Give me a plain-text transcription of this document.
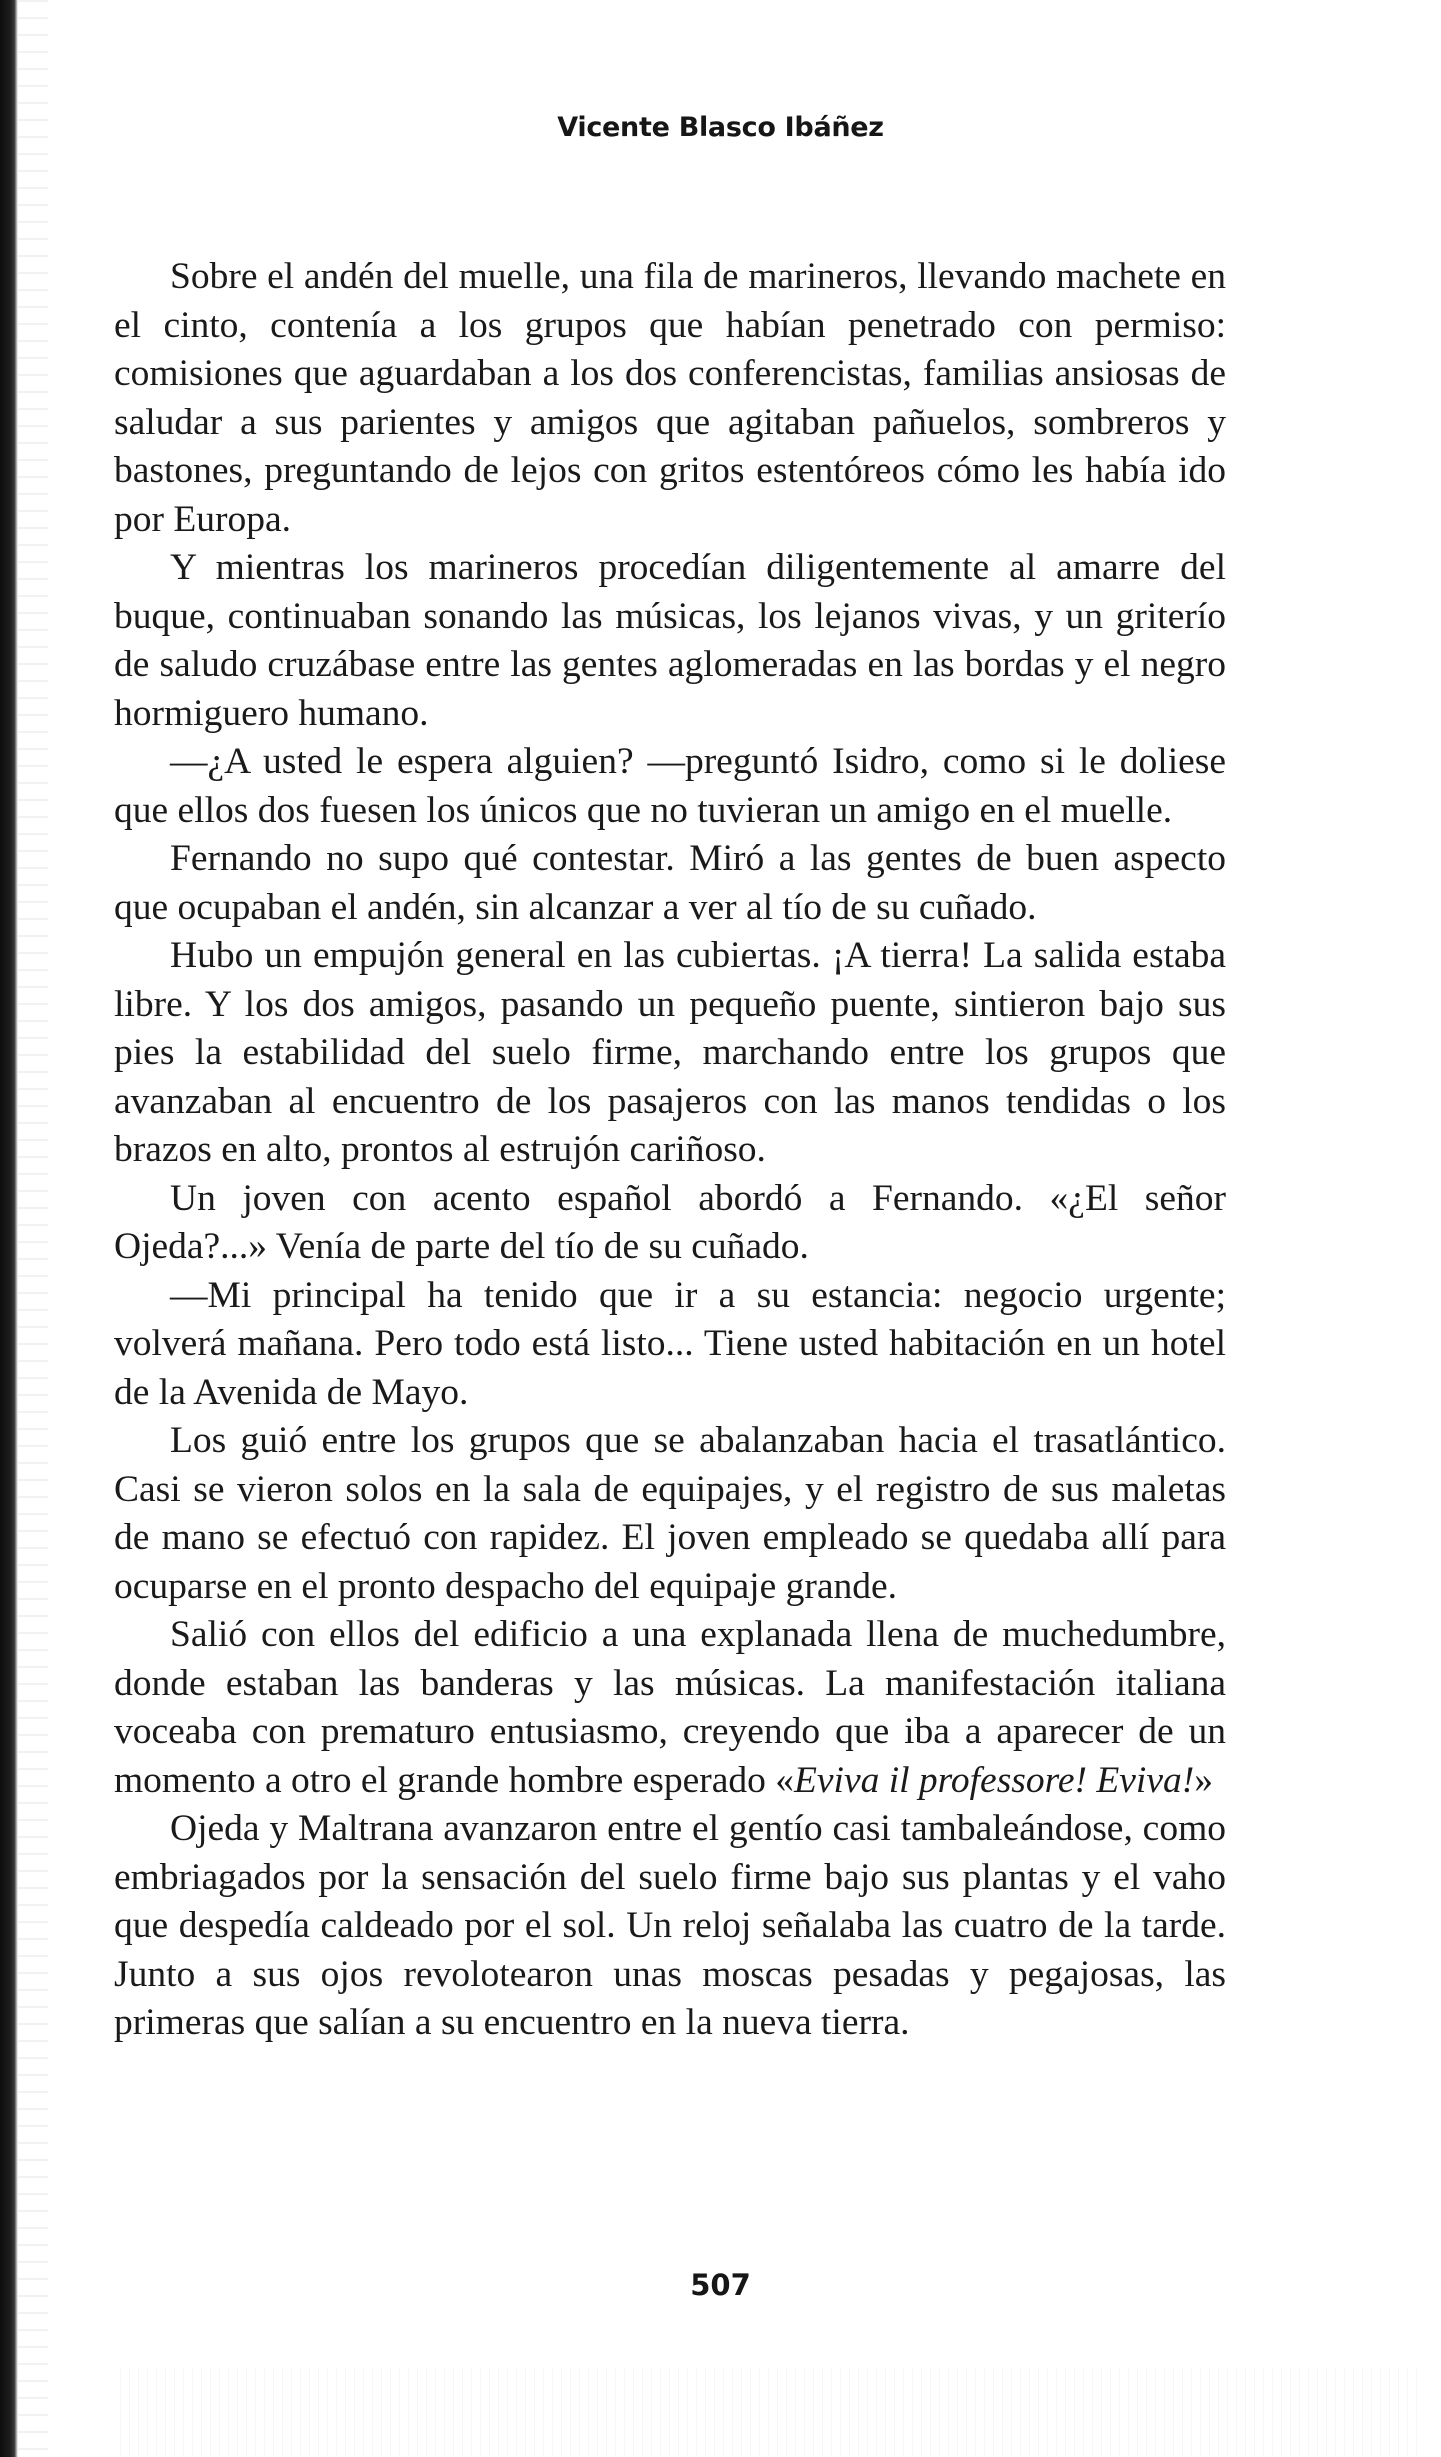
Vicente Blasco Ibáñez

Sobre el andén del muelle, una fila de marineros, llevando machete en el cinto, contenía a los grupos que habían penetrado con permiso: comisiones que aguardaban a los dos conferencistas, familias ansiosas de saludar a sus parientes y amigos que agitaban pañuelos, sombreros y bastones, preguntando de lejos con gritos estentóreos cómo les había ido por Europa.

Y mientras los marineros procedían diligentemente al amarre del buque, continuaban sonando las músicas, los lejanos vivas, y un griterío de saludo cruzábase entre las gentes aglomeradas en las bordas y el negro hormiguero humano.

—¿A usted le espera alguien? —preguntó Isidro, como si le doliese que ellos dos fuesen los únicos que no tuvieran un amigo en el muelle.

Fernando no supo qué contestar. Miró a las gentes de buen aspecto que ocupaban el andén, sin alcanzar a ver al tío de su cuñado.

Hubo un empujón general en las cubiertas. ¡A tierra! La salida estaba libre. Y los dos amigos, pasando un pequeño puente, sintieron bajo sus pies la estabilidad del suelo firme, marchando entre los grupos que avanzaban al encuentro de los pasajeros con las manos tendidas o los brazos en alto, prontos al estrujón cariñoso.

Un joven con acento español abordó a Fernando. «¿El señor Ojeda?...» Venía de parte del tío de su cuñado.

—Mi principal ha tenido que ir a su estancia: negocio urgente; volverá mañana. Pero todo está listo... Tiene usted habitación en un hotel de la Avenida de Mayo.

Los guió entre los grupos que se abalanzaban hacia el trasatlántico. Casi se vieron solos en la sala de equipajes, y el registro de sus maletas de mano se efectuó con rapidez. El joven empleado se quedaba allí para ocuparse en el pronto despacho del equipaje grande.

Salió con ellos del edificio a una explanada llena de muchedumbre, donde estaban las banderas y las músicas. La manifestación italiana voceaba con prematuro entusiasmo, creyendo que iba a aparecer de un momento a otro el grande hombre esperado «Eviva il professore! Eviva!»

Ojeda y Maltrana avanzaron entre el gentío casi tambaleándose, como embriagados por la sensación del suelo firme bajo sus plantas y el vaho que despedía caldeado por el sol. Un reloj señalaba las cuatro de la tarde. Junto a sus ojos revolotearon unas moscas pesadas y pegajosas, las primeras que salían a su encuentro en la nueva tierra.

507
